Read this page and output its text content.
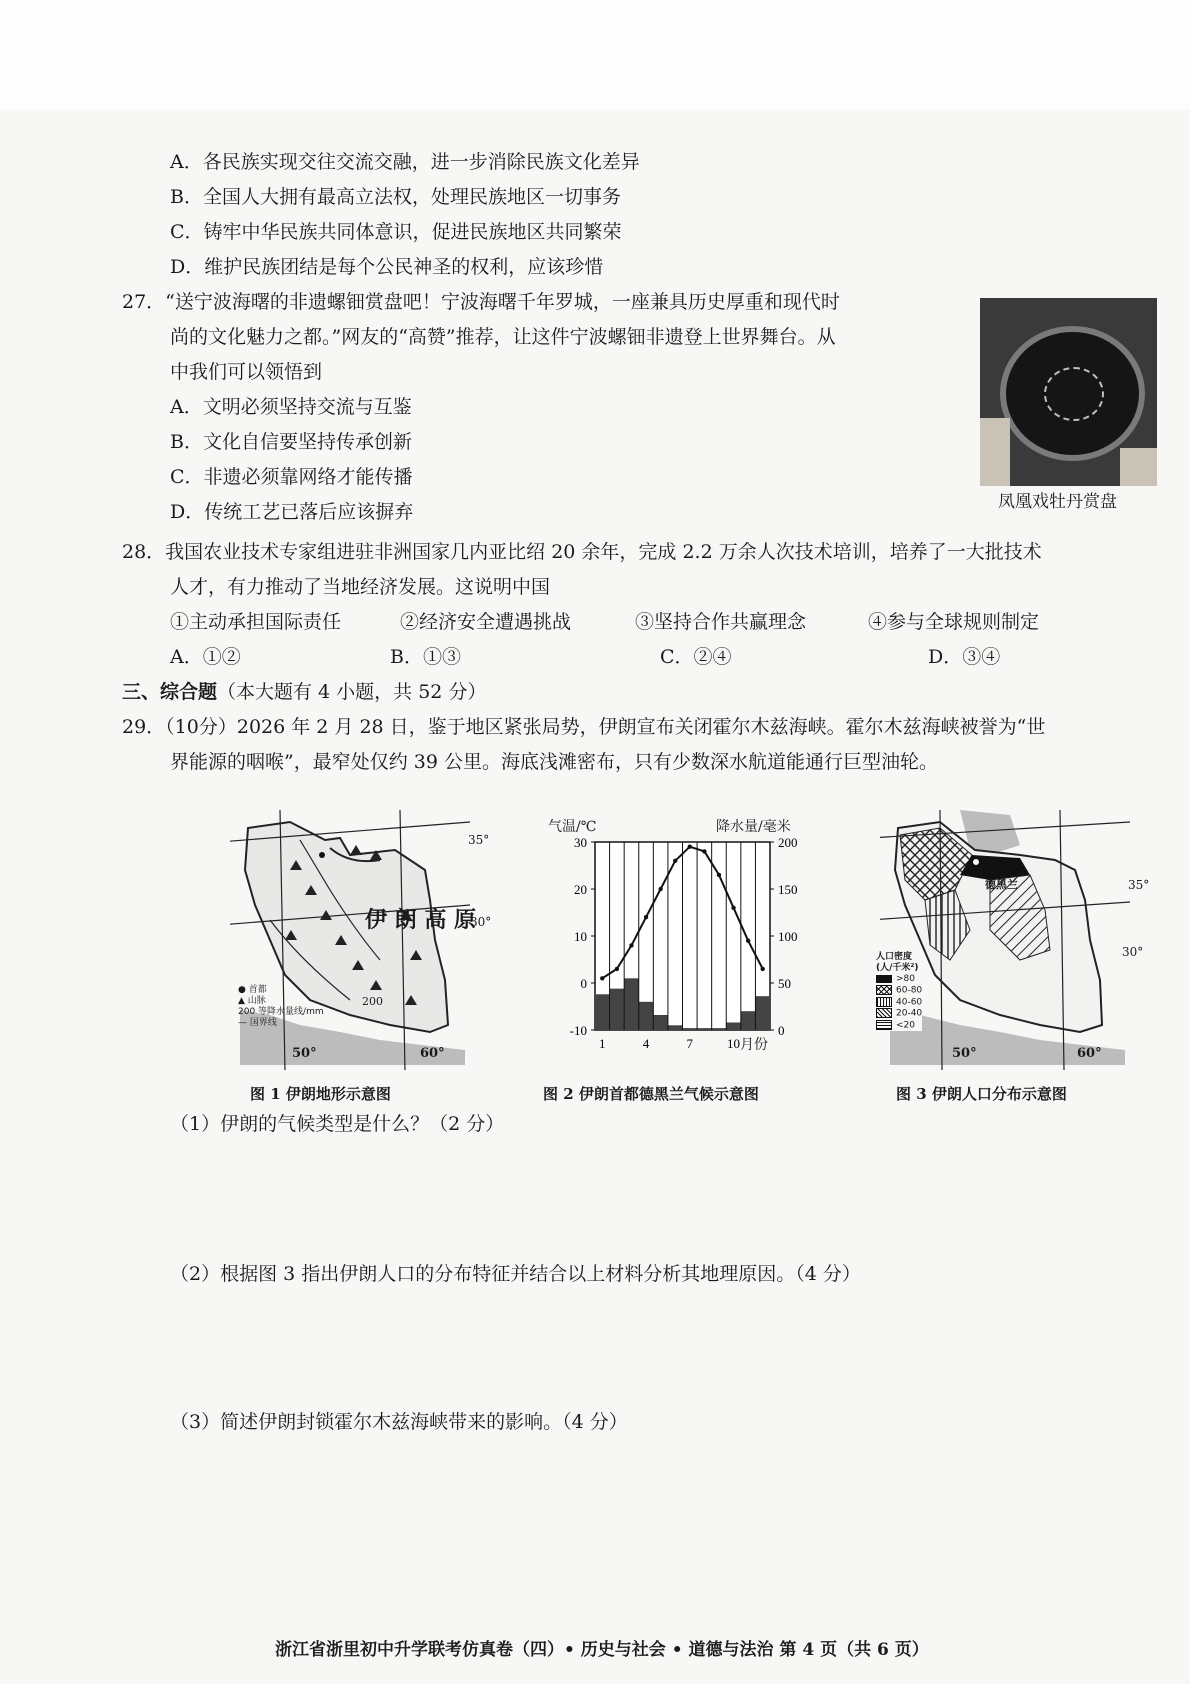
A．各民族实现交往交流交融，进一步消除民族文化差异
B．全国人大拥有最高立法权，处理民族地区一切事务
C．铸牢中华民族共同体意识，促进民族地区共同繁荣
D．维护民族团结是每个公民神圣的权利，应该珍惜
27．“送宁波海曙的非遗螺钿赏盘吧！宁波海曙千年罗城，一座兼具历史厚重和现代时
尚的文化魅力之都。”网友的“高赞”推荐，让这件宁波螺钿非遗登上世界舞台。从
中我们可以领悟到
A．文明必须坚持交流与互鉴
B．文化自信要坚持传承创新
C．非遗必须靠网络才能传播
D．传统工艺已落后应该摒弃	凤凰戏牡丹赏盘
28．我国农业技术专家组进驻非洲国家几内亚比绍 20 余年，完成 2.2 万余人次技术培训，培养了一大批技术
人才，有力推动了当地经济发展。这说明中国
①主动承担国际责任	②经济安全遭遇挑战	③坚持合作共赢理念	④参与全球规则制定
A．①②	B．①③	C．②④	D．③④
三、综合题（本大题有 4 小题，共 52 分）
29．（10分）2026 年 2 月 28 日，鉴于地区紧张局势，伊朗宣布关闭霍尔木兹海峡。霍尔木兹海峡被誉为“世
界能源的咽喉”，最窄处仅约 39 公里。海底浅滩密布，只有少数深水航道能通行巨型油轮。
伊 朗 高 原
35°
30°
50°	60°
200
● 首都
▲ 山脉
200 等降水量线/mm
— 国界线
图 1 伊朗地形示意图
气温/℃	降水量/毫米
30
20
10
0
-10
200
150
100
50
0
1	4	7	10 月份
图 2 伊朗首都德黑兰气候示意图
德黑兰	35°
30°
50°	60°
人口密度
(人/千米²)
>80
60-80
40-60
20-40
<20
图 3 伊朗人口分布示意图
（1）伊朗的气候类型是什么？（2 分）
（2）根据图 3 指出伊朗人口的分布特征并结合以上材料分析其地理原因。（4 分）
（3）简述伊朗封锁霍尔木兹海峡带来的影响。（4 分）
浙江省浙里初中升学联考仿真卷（四）• 历史与社会 • 道德与法治 第 4 页（共 6 页）
